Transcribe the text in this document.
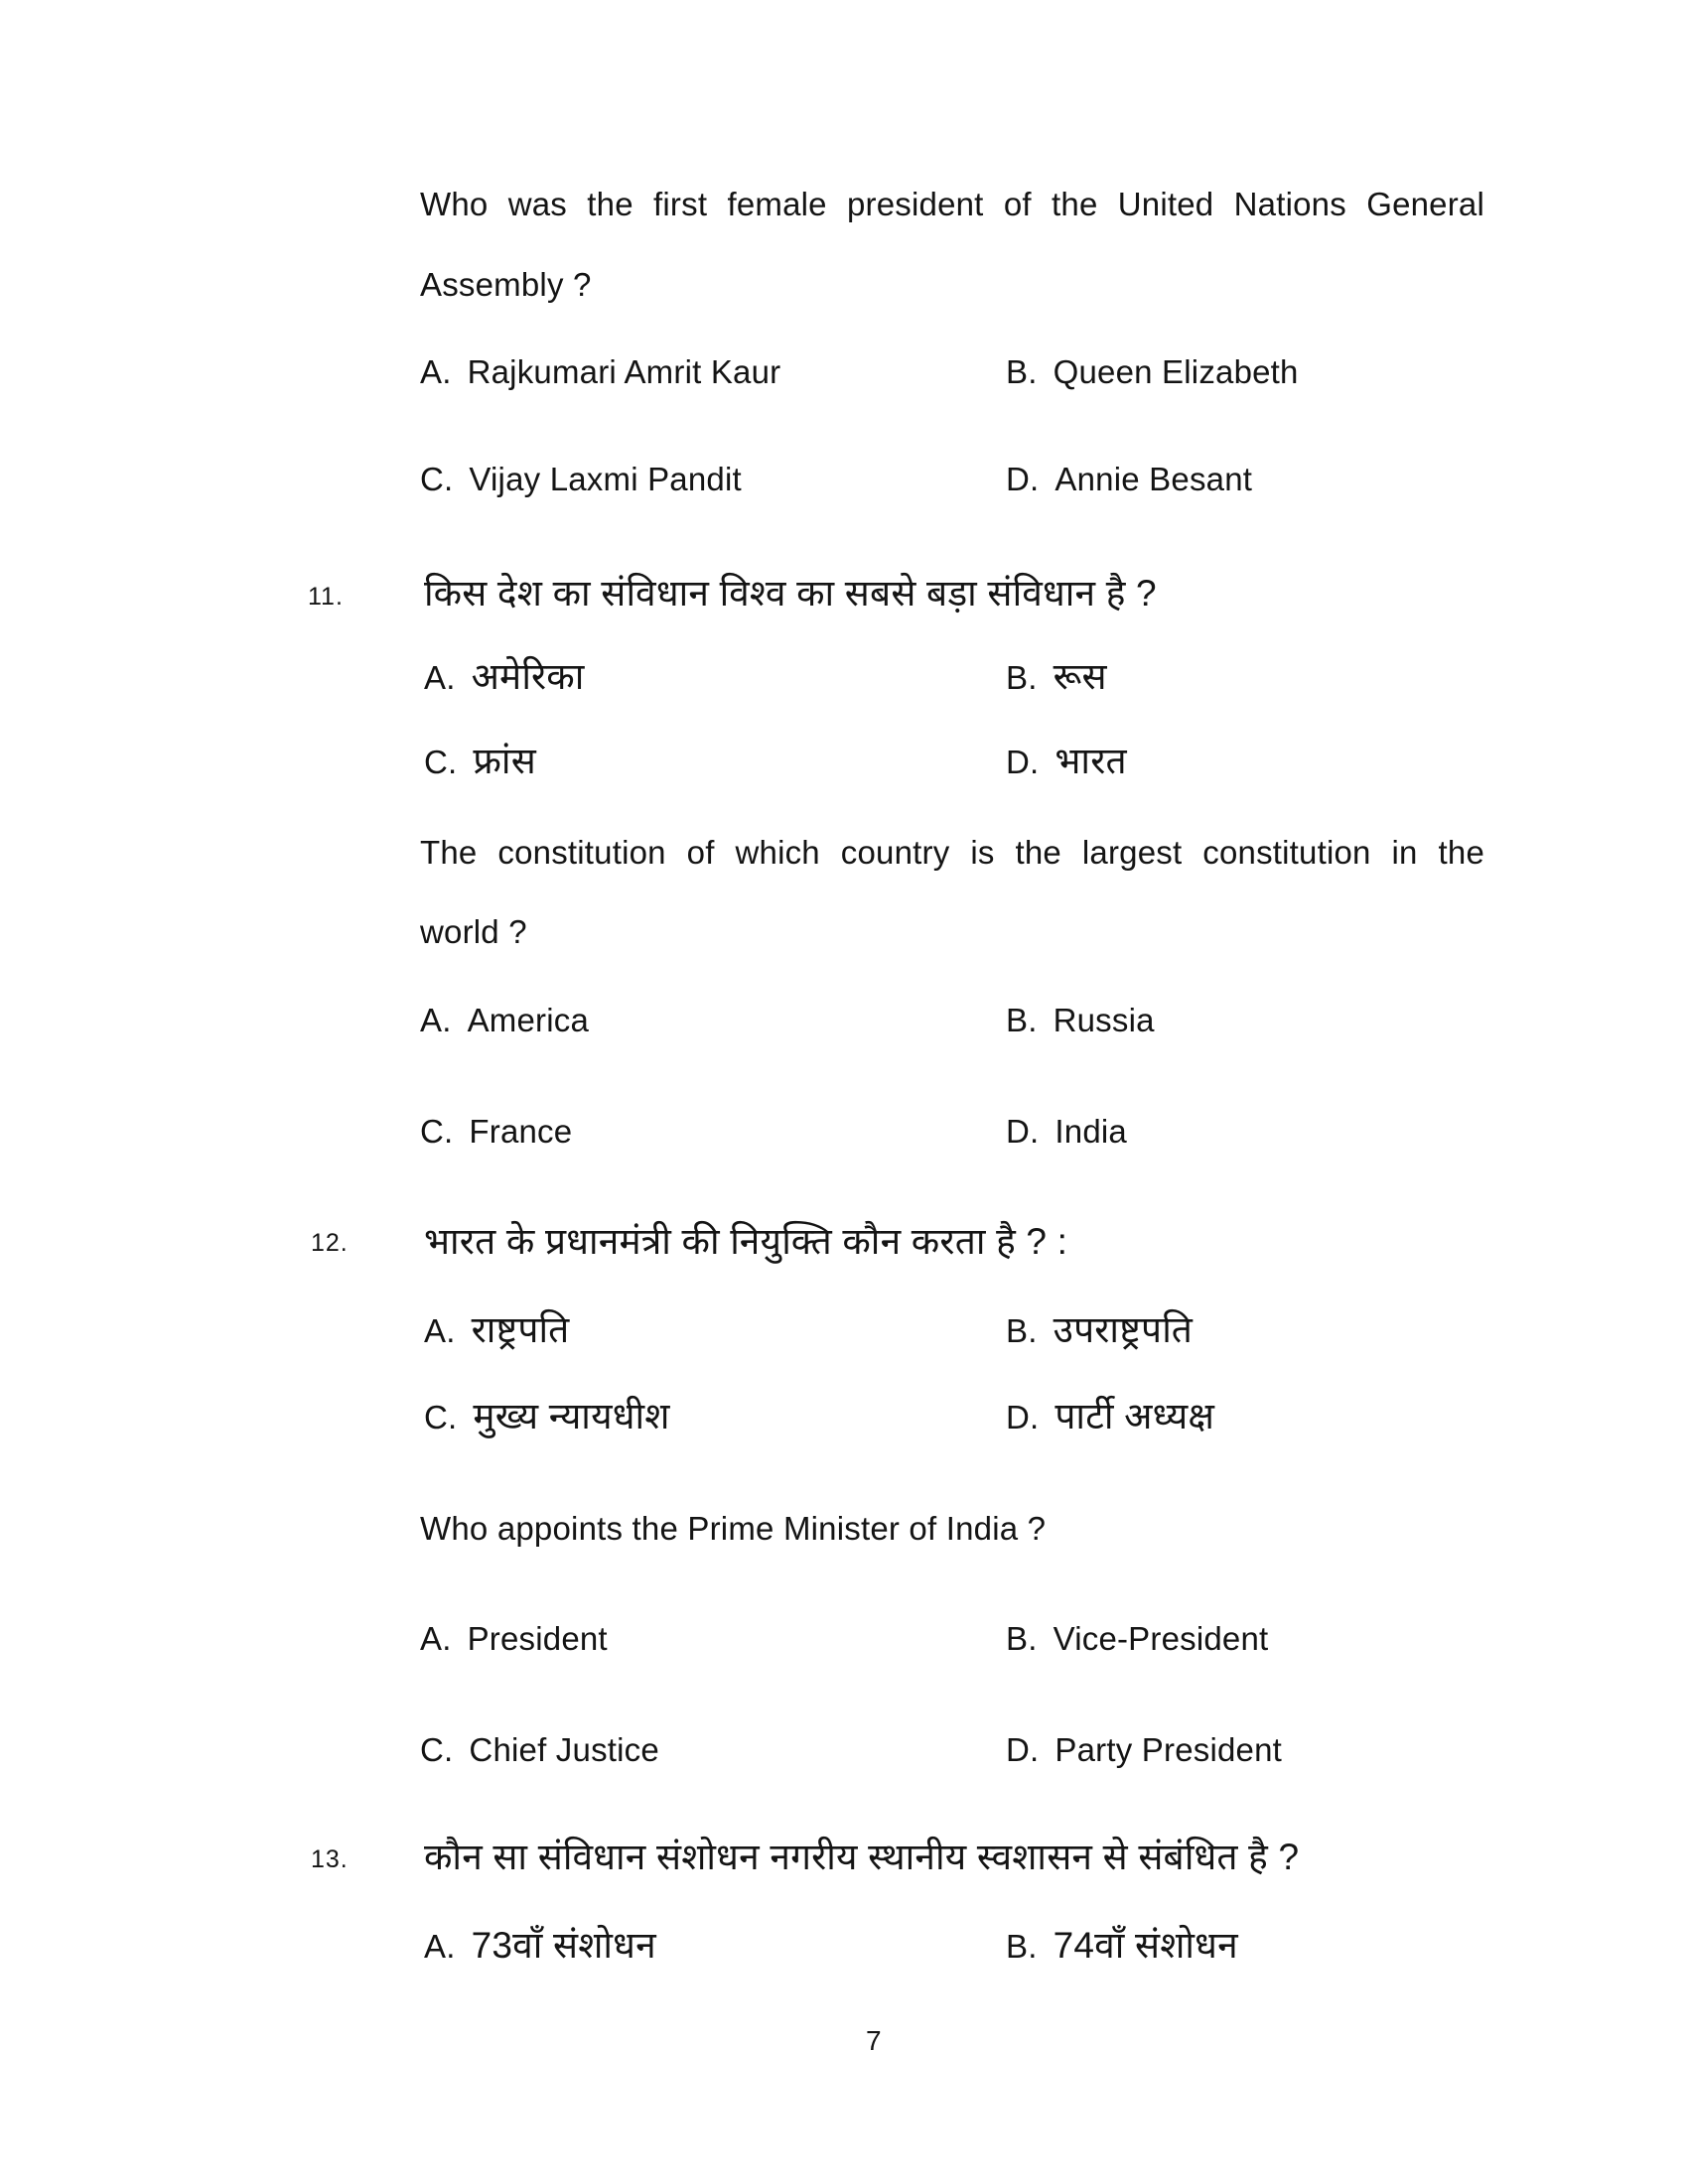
Who was the first female president of the United Nations General
Assembly ?
A. Rajkumari Amrit Kaur	B. Queen Elizabeth
C. Vijay Laxmi Pandit	D. Annie Besant
11. किस देश का संविधान विश्व का सबसे बड़ा संविधान है ?
A. अमेरिका	B. रूस
C. फ्रांस	D. भारत
The constitution of which country is the largest constitution in the
world ?
A. America	B. Russia
C. France	D. India
12. भारत के प्रधानमंत्री की नियुक्ति कौन करता है ? :
A. राष्ट्रपति	B. उपराष्ट्रपति
C. मुख्य न्यायधीश	D. पार्टी अध्यक्ष
Who appoints the Prime Minister of India ?
A. President	B. Vice-President
C. Chief Justice	D. Party President
13. कौन सा संविधान संशोधन नगरीय स्थानीय स्वशासन से संबंधित है ?
A. 73वाँ संशोधन	B. 74वाँ संशोधन
7
